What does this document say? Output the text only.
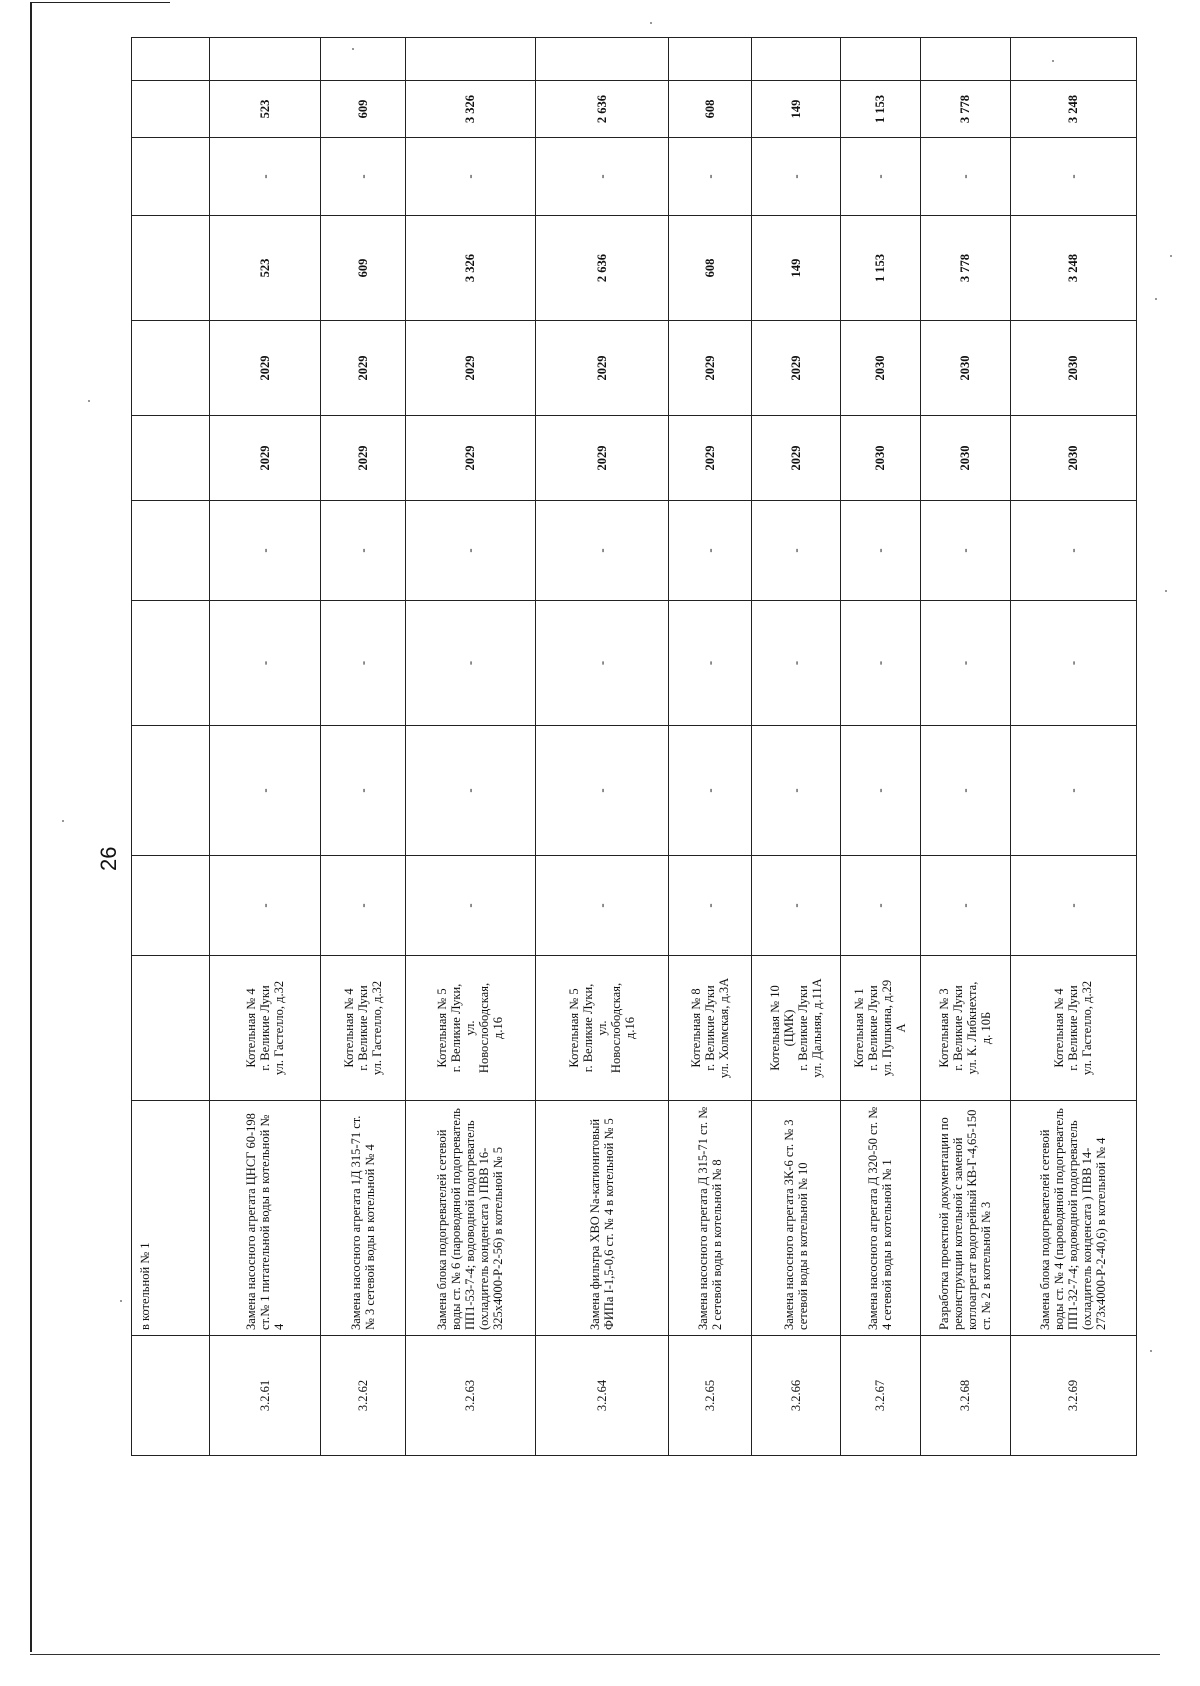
26
	в котельной № 1											
3.2.61	Замена насосного агрегата ЦНСГ 60-198 ст.№ 1 питательной воды в котельной № 4	Котельная № 4 г. Великие Луки ул. Гастелло, д.32	-	-	-	-	2029	2029	523	-	523	
3.2.62	Замена насосного агрегата 1Д 315-71 ст. № 3 сетевой воды в котельной № 4	Котельная № 4 г. Великие Луки ул. Гастелло, д.32	-	-	-	-	2029	2029	609	-	609	
3.2.63	Замена блока подогревателей сетевой воды ст. № 6 (пароводяной подогреватель ПП1-53-7-4; водоводной подогреватель (охладитель конденсата ) ПВВ 16-325х4000-Р-2-56) в котельной № 5	Котельная № 5 г. Великие Луки, ул. Новослободская, д.16	-	-	-	-	2029	2029	3 326	-	3 326	
3.2.64	Замена фильтра ХВО Na-катионитовый ФИПа І-1,5-0,6 ст. № 4 в котельной № 5	Котельная № 5 г. Великие Луки, ул. Новослободская, д.16	-	-	-	-	2029	2029	2 636	-	2 636	
3.2.65	Замена насосного агрегата Д 315-71 ст. № 2 сетевой воды в котельной № 8	Котельная № 8 г. Великие Луки ул. Холмская, д.3А	-	-	-	-	2029	2029	608	-	608	
3.2.66	Замена насосного агрегата 3К-6 ст. № 3 сетевой воды в котельной № 10	Котельная № 10 (ЦМК) г. Великие Луки ул. Дальняя, д.11А	-	-	-	-	2029	2029	149	-	149	
3.2.67	Замена насосного агрегата Д 320-50 ст. № 4 сетевой воды в котельной № 1	Котельная № 1 г. Великие Луки ул. Пушкина, д.29 А	-	-	-	-	2030	2030	1 153	-	1 153	
3.2.68	Разработка проектной документации по реконструкции котельной с заменой котлоагрегат водогрейный КВ-Г-4,65-150 ст. № 2 в котельной № 3	Котельная № 3 г. Великие Луки ул. К. Либкнехта, д. 10Б	-	-	-	-	2030	2030	3 778	-	3 778	
3.2.69	Замена блока подогревателей сетевой воды ст. № 4 (пароводяной подогреватель ПП1-32-7-4; водоводной подогреватель (охладитель конденсата ) ПВВ 14- 273х4000-Р-2-40,6) в котельной № 4	Котельная № 4 г. Великие Луки ул. Гастелло, д.32	-	-	-	-	2030	2030	3 248	-	3 248	
